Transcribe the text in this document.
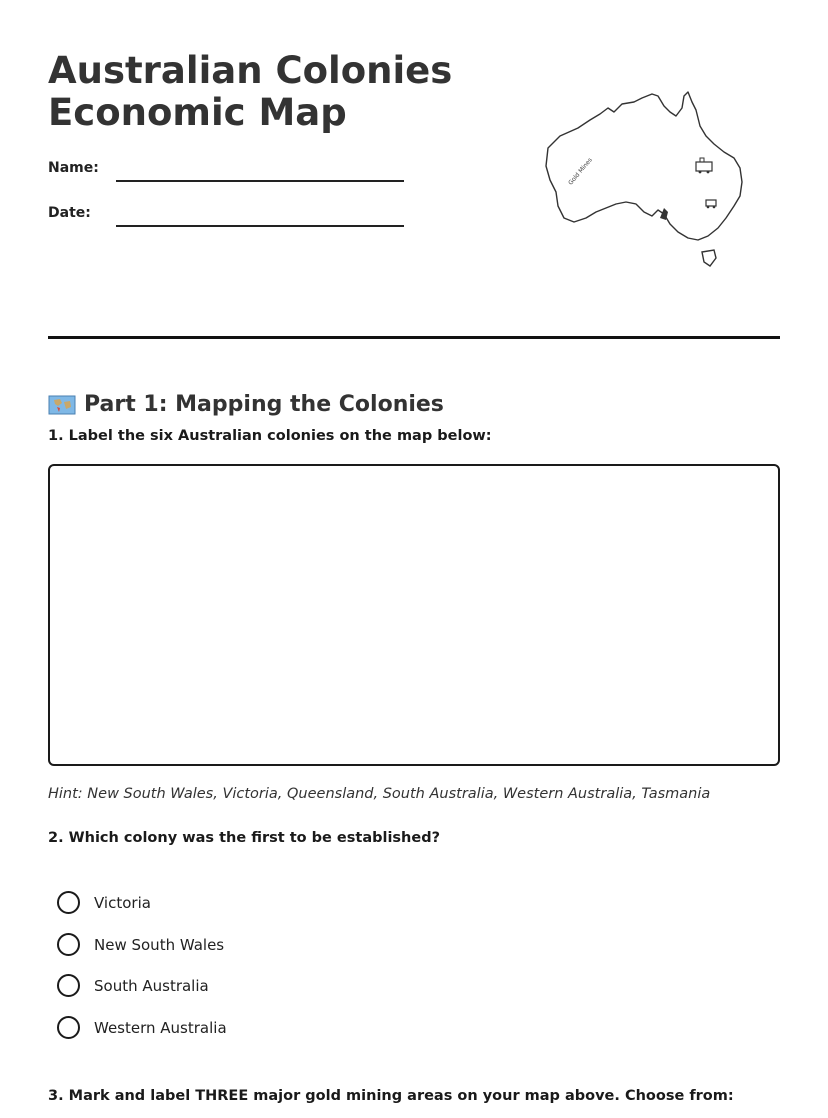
Australian Colonies
Economic Map
Name:
Date:
Gold Mines
Part 1: Mapping the Colonies
1. Label the six Australian colonies on the map below:
Hint: New South Wales, Victoria, Queensland, South Australia, Western Australia, Tasmania
2. Which colony was the first to be established?
Victoria
New South Wales
South Australia
Western Australia
3. Mark and label THREE major gold mining areas on your map above. Choose from:
